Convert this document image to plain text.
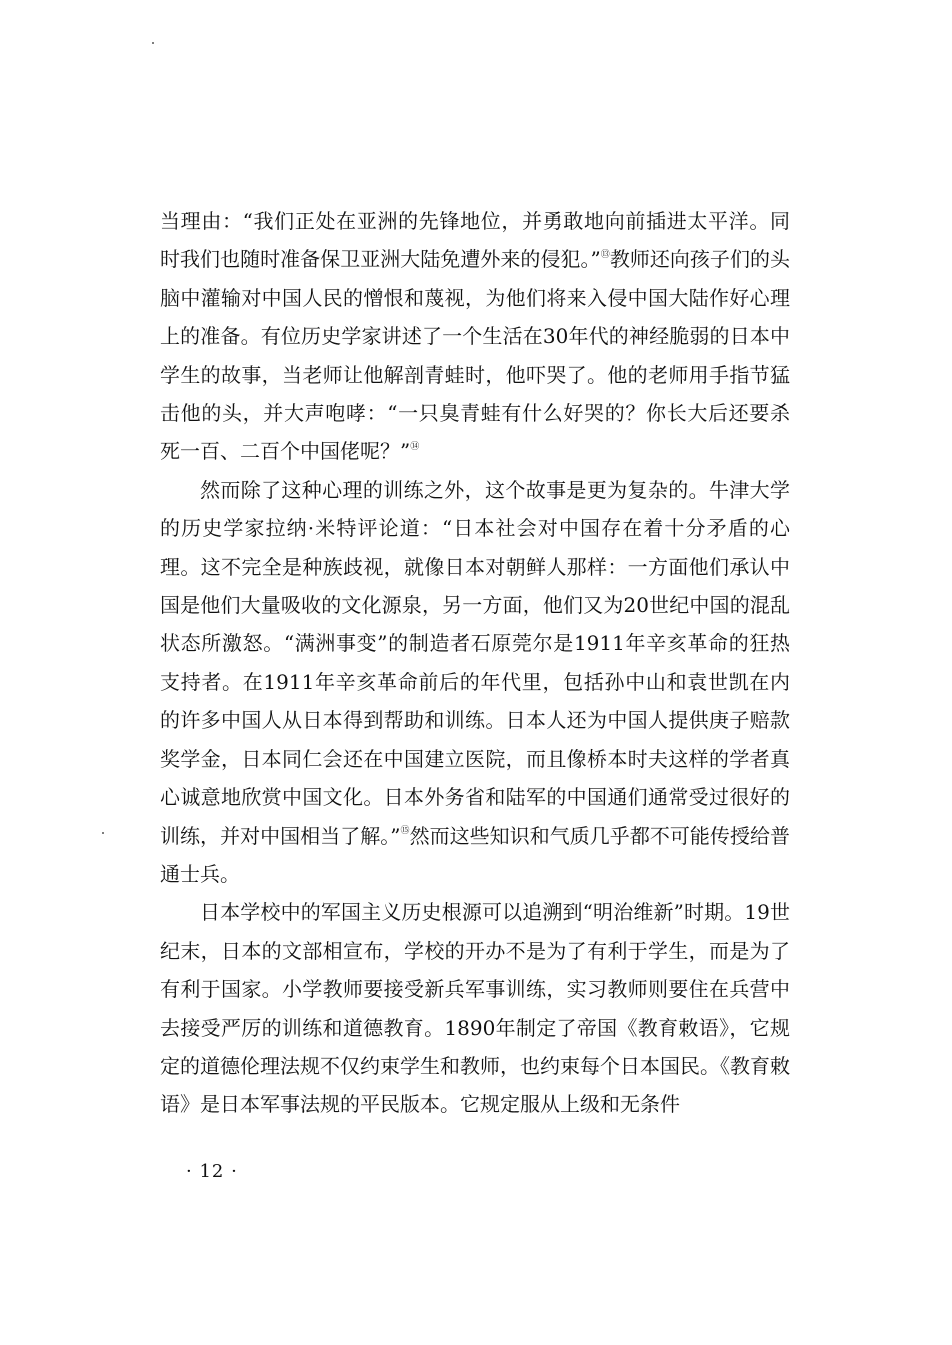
当理由：“我们正处在亚洲的先锋地位，并勇敢地向前插进太平洋。同时我们也随时准备保卫亚洲大陆免遭外来的侵犯。”⑬教师还向孩子们的头脑中灌输对中国人民的憎恨和蔑视，为他们将来入侵中国大陆作好心理上的准备。有位历史学家讲述了一个生活在30年代的神经脆弱的日本中学生的故事，当老师让他解剖青蛙时，他吓哭了。他的老师用手指节猛击他的头，并大声咆哮：“一只臭青蛙有什么好哭的？你长大后还要杀死一百、二百个中国佬呢？”⑭

然而除了这种心理的训练之外，这个故事是更为复杂的。牛津大学的历史学家拉纳·米特评论道：“日本社会对中国存在着十分矛盾的心理。这不完全是种族歧视，就像日本对朝鲜人那样：一方面他们承认中国是他们大量吸收的文化源泉，另一方面，他们又为20世纪中国的混乱状态所激怒。“满洲事变”的制造者石原莞尔是1911年辛亥革命的狂热支持者。在1911年辛亥革命前后的年代里，包括孙中山和袁世凯在内的许多中国人从日本得到帮助和训练。日本人还为中国人提供庚子赔款奖学金，日本同仁会还在中国建立医院，而且像桥本时夫这样的学者真心诚意地欣赏中国文化。日本外务省和陆军的中国通们通常受过很好的训练，并对中国相当了解。”⑮然而这些知识和气质几乎都不可能传授给普通士兵。

日本学校中的军国主义历史根源可以追溯到“明治维新”时期。19世纪末，日本的文部相宣布，学校的开办不是为了有利于学生，而是为了有利于国家。小学教师要接受新兵军事训练，实习教师则要住在兵营中去接受严厉的训练和道德教育。1890年制定了帝国《教育敕语》，它规定的道德伦理法规不仅约束学生和教师，也约束每个日本国民。《教育敕语》是日本军事法规的平民版本。它规定服从上级和无条件

· 12 ·
